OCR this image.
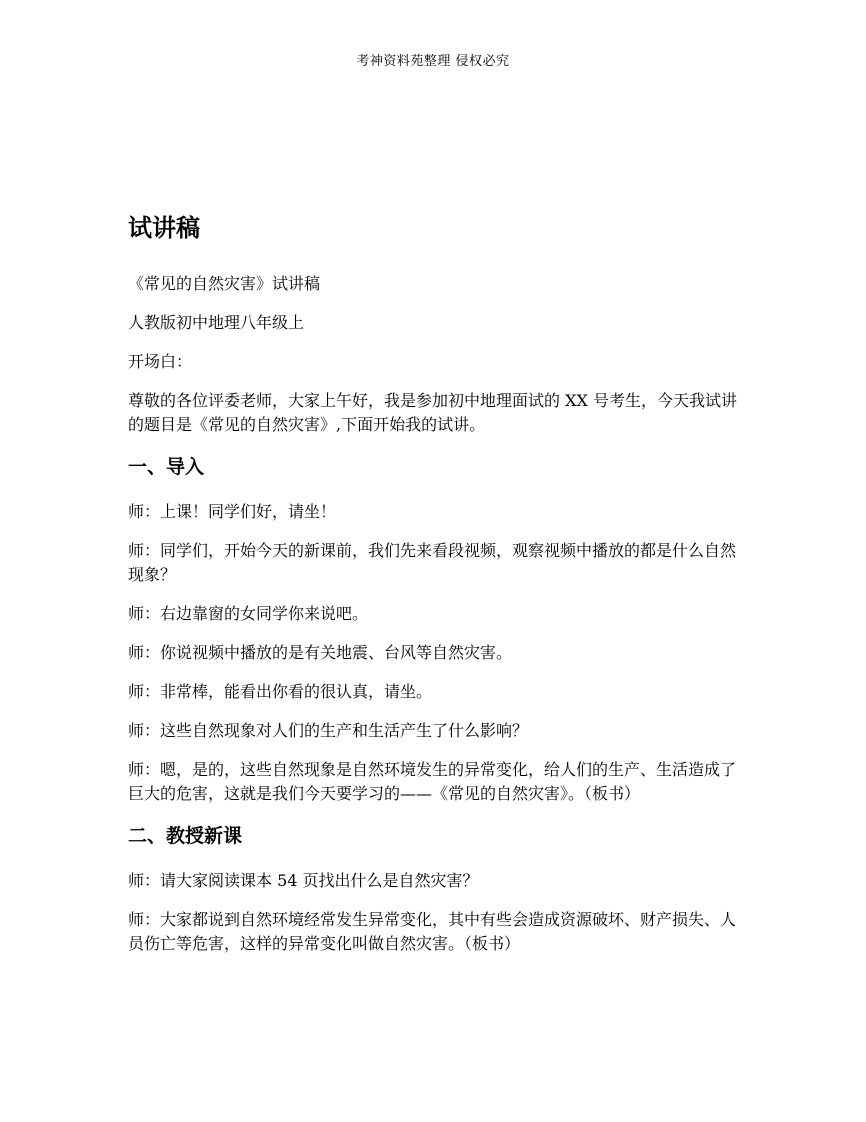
考神资料苑整理 侵权必究
试讲稿

《常见的自然灾害》试讲稿

人教版初中地理八年级上

开场白：

尊敬的各位评委老师，大家上午好，我是参加初中地理面试的 XX 号考生，今天我试讲的题目是《常见的自然灾害》,下面开始我的试讲。

一、导入

师：上课！同学们好，请坐！

师：同学们，开始今天的新课前，我们先来看段视频，观察视频中播放的都是什么自然现象？

师：右边靠窗的女同学你来说吧。

师：你说视频中播放的是有关地震、台风等自然灾害。

师：非常棒，能看出你看的很认真，请坐。

师：这些自然现象对人们的生产和生活产生了什么影响？

师：嗯，是的，这些自然现象是自然环境发生的异常变化，给人们的生产、生活造成了巨大的危害，这就是我们今天要学习的——《常见的自然灾害》。（板书）

二、教授新课

师：请大家阅读课本 54 页找出什么是自然灾害？

师：大家都说到自然环境经常发生异常变化，其中有些会造成资源破坏、财产损失、人员伤亡等危害，这样的异常变化叫做自然灾害。（板书）
